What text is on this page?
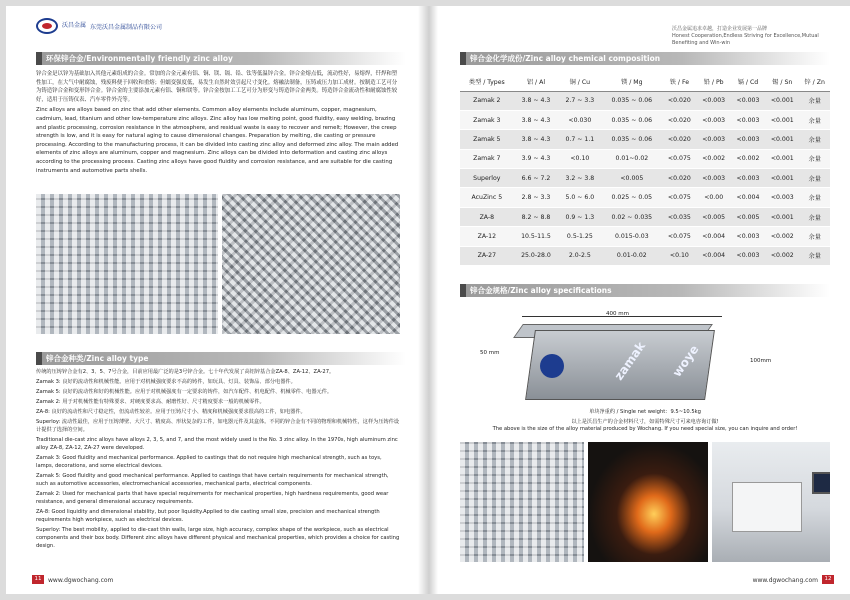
沃昌金属 东莞沃昌金属制品有限公司
环保锌合金/Environmentally friendly zinc alloy

锌合金是以锌为基础加入其他元素组成的合金。常加的合金元素有铝、铜、镁、镉、铅、钛等低温锌合金。锌合金熔点低，流动性好，易熔焊，钎焊和塑性加工，在大气中耐腐蚀，残废料便于回收和重熔；但蠕变强度低，易发生自然时效引起尺寸变化。熔融法制备，压铸或压力加工成材。按制造工艺可分为铸造锌合金和变形锌合金。锌合金的主要添加元素有铝、铜和镁等。锌合金按加工工艺可分为形变与铸造锌合金两类。铸造锌合金流动性和耐腐蚀性较好，适用于压铸仪表、汽车零件外壳等。

Zinc alloys are alloys based on zinc that add other elements. Common alloy elements include aluminum, copper, magnesium, cadmium, lead, titanium and other low-temperature zinc alloys. Zinc alloy has low melting point, good fluidity, easy welding, brazing and plastic processing, corrosion resistance in the atmosphere, and residual waste is easy to recover and remelt; However, the creep strength is low, and it is easy for natural aging to cause dimensional changes. Preparation by melting, die casting or pressure processing. According to the manufacturing process, it can be divided into casting zinc alloy and deformed zinc alloy. The main added elements of zinc alloys are aluminum, copper and magnesium. Zinc alloys can be divided into deformation and casting zinc alloys according to the processing process. Casting zinc alloys have good fluidity and corrosion resistance, and are suitable for die casting instruments and automotive parts shells.

锌合金种类/Zinc alloy type

传统的压铸锌合金有2、3、5、7号合金，目前应用最广泛的是3号锌合金。七十年代发展了高铝锌基合金ZA-8、ZA-12、ZA-27。

Zamak 3: 良好的流动性和机械性能。应用于对机械强度要求不高的铸件，如玩具、灯具、装饰品、部分电器件。

Zamak 5: 良好的流动性和好的机械性能。应用于对机械强度有一定要求的铸件，如汽车配件、机电配件、机械零件、电器元件。

Zamak 2: 用于对机械性能有特殊要求、对硬度要求高、耐磨性好、尺寸精度要求一般的机械零件。

ZA-8: 良好的流动性和尺寸稳定性，但流动性较差。应用于压铸尺寸小、精度和机械强度要求很高的工件，如电器件。

Superloy: 流动性最佳，应用于压铸薄壁、大尺寸、精度高、形状复杂的工件，如电器元件及其盒体。不同的锌合金有不同的物理和机械特性，这样为压铸件设计提供了选择的空间。

Traditional die-cast zinc alloys have alloys 2, 3, 5, and 7, and the most widely used is the No. 3 zinc alloy. In the 1970s, high aluminum zinc alloy ZA-8, ZA-12, ZA-27 were developed.

Zamak 3: Good fluidity and mechanical performance. Applied to castings that do not require high mechanical strength, such as toys, lamps, decorations, and some electrical devices.

Zamak 5: Good fluidity and good mechanical performance. Applied to castings that have certain requirements for mechanical strength, such as automotive accessories, electromechanical accessories, mechanical parts, electrical components.

Zamak 2: Used for mechanical parts that have special requirements for mechanical properties, high hardness requirements, good wear resistance, and general dimensional accuracy requirements.

ZA-8: Good liquidity and dimensional stability, but poor liquidity.Applied to die casting small size, precision and mechanical strength requirements high workpiece, such as electrical devices.

Superloy: The best mobility, applied to die-cast thin walls, large size, high accuracy, complex shape of the workpiece, such as electrical components and their box body. Different zinc alloys have different physical and mechanical properties, which provides a choice for casting design.

11	www.dgwochang.com
沃昌金属追求卓越，打造企业发展第一品牌
Honest Cooperation,Endless Striving for Excellence,Mutual Benefiting and Win-win
锌合金化学成份/Zinc alloy chemical composition
类型 / Types	铝 / Al	铜 / Cu	镁 / Mg	铁 / Fe	铅 / Pb	镉 / Cd	锡 / Sn	锌 / Zn
Zamak 2	3.8 ~ 4.3	2.7 ~ 3.3	0.035 ~ 0.06	<0.020	<0.003	<0.003	<0.001	余量
Zamak 3	3.8 ~ 4.3	<0.030	0.035 ~ 0.06	<0.020	<0.003	<0.003	<0.001	余量
Zamak 5	3.8 ~ 4.3	0.7 ~ 1.1	0.035 ~ 0.06	<0.020	<0.003	<0.003	<0.001	余量
Zamak 7	3.9 ~ 4.3	<0.10	0.01~0.02	<0.075	<0.002	<0.002	<0.001	余量
Superloy	6.6 ~ 7.2	3.2 ~ 3.8	<0.005	<0.020	<0.003	<0.003	<0.001	余量
AcuZinc 5	2.8 ~ 3.3	5.0 ~ 6.0	0.025 ~ 0.05	<0.075	<0.00	<0.004	<0.003	余量
ZA-8	8.2 ~ 8.8	0.9 ~ 1.3	0.02 ~ 0.035	<0.035	<0.005	<0.005	<0.001	余量
ZA-12	10.5-11.5	0.5-1.25	0.015-0.03	<0.075	<0.004	<0.003	<0.002	余量
ZA-27	25.0-28.0	2.0-2.5	0.01-0.02	<0.10	<0.004	<0.003	<0.002	余量
锌合金规格/Zinc alloy specifications
400 mm
50 mm
100mm
zamak woye
单块净重约 / Single net weight：9.5~10.5kg
以上是沃昌生产的合金材料尺寸，如需特殊尺寸可来电咨询订做!
The above is the size of the alloy material produced by Wochang. If you need special size, you can inquire and order!
www.dgwochang.com	12
